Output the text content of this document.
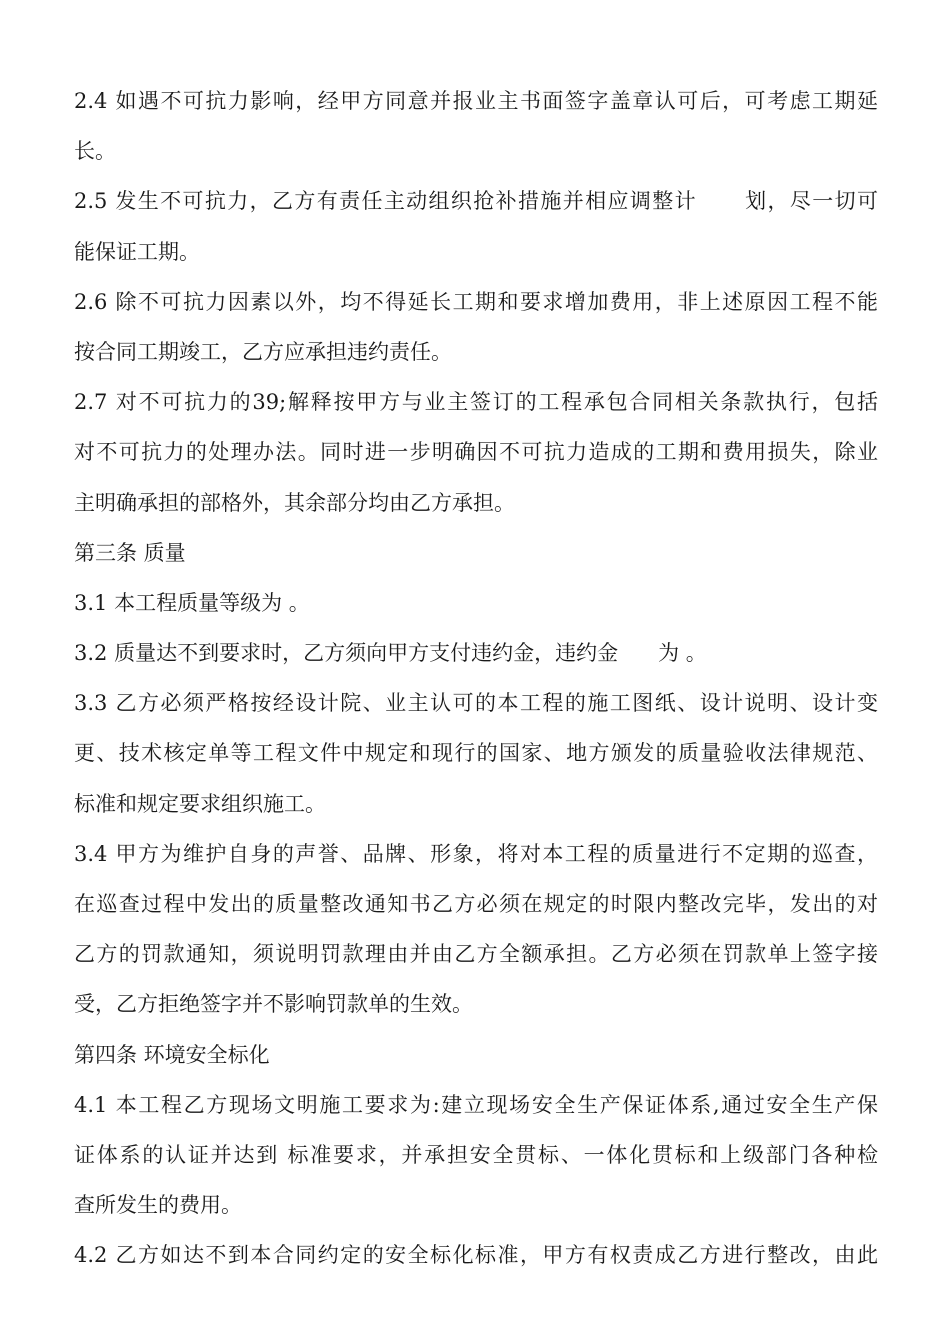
2.4 如遇不可抗力影响，经甲方同意并报业主书面签字盖章认可后，可考虑工期延
长。
2.5 发生不可抗力，乙方有责任主动组织抢补措施并相应调整计      划，尽一切可
能保证工期。
2.6 除不可抗力因素以外，均不得延长工期和要求增加费用，非上述原因工程不能
按合同工期竣工，乙方应承担违约责任。
2.7 对不可抗力的39;解释按甲方与业主签订的工程承包合同相关条款执行，包括
对不可抗力的处理办法。同时进一步明确因不可抗力造成的工期和费用损失，除业
主明确承担的部格外，其余部分均由乙方承担。
第三条 质量
3.1 本工程质量等级为 。
3.2 质量达不到要求时，乙方须向甲方支付违约金，违约金      为 。
3.3 乙方必须严格按经设计院、业主认可的本工程的施工图纸、设计说明、设计变
更、技术核定单等工程文件中规定和现行的国家、地方颁发的质量验收法律规范、
标准和规定要求组织施工。
3.4 甲方为维护自身的声誉、品牌、形象，将对本工程的质量进行不定期的巡查，
在巡查过程中发出的质量整改通知书乙方必须在规定的时限内整改完毕，发出的对
乙方的罚款通知，须说明罚款理由并由乙方全额承担。乙方必须在罚款单上签字接
受，乙方拒绝签字并不影响罚款单的生效。
第四条 环境安全标化
4.1 本工程乙方现场文明施工要求为:建立现场安全生产保证体系,通过安全生产保
证体系的认证并达到 标准要求，并承担安全贯标、一体化贯标和上级部门各种检
查所发生的费用。
4.2 乙方如达不到本合同约定的安全标化标准，甲方有权责成乙方进行整改，由此
